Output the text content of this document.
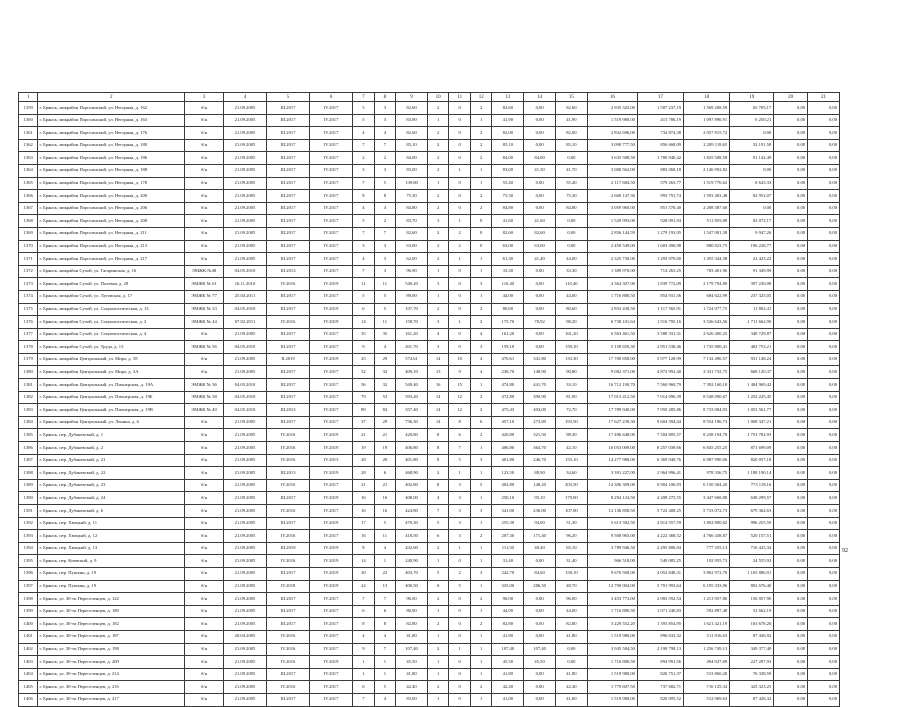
1	2	3	4	5	6	7	8	9	10	11	12	13	14	15	16	17	18	19	20	21
1359	г. Брянск, микрайон Поросинский, ул. Негорная, д. 162	б/н	21.09.2005	III.2017	IV.2017	5	3	82,60	2	0	2	82,60	0,00	82,60	2 935 325,00	1 587 237,19	1 569 208,59	65 705,17	0,00	0,00
1360	г. Брянск, микрайон Поросинский, ул. Негорная, д. 163	б/н	21.09.2005	III.2017	IV.2017	5	3	83,90	1	0	1	41,90	0,00	41,90	1 519 980,00	415 786,19	1 097 896,91	6 250,21	0,00	0,00
1361	г. Брянск, микрайон Поросинский, ул. Негорная, д. 176	б/н	21.09.2005	III.2017	IV.2017	4	4	82,60	2	0	2	82,00	0,00	82,00	2 832 696,00	734 874,38	2 057 815,72	0,00	0,00	0,00
1362	г. Брянск, микрайон Поросинский, ул. Негорная, д. 180	б/н	21.09.2005	III.2017	IV.2017	7	7	85,10	2	0	2	85,10	0,00	85,10	3 098 777,50	856 668,09	2 209 118,65	32 191,58	0,00	0,00
1363	г. Брянск, микрайон Поросинский, ул. Негорная, д. 186	б/н	21.09.2005	III.2017	IV.2017	2	2	84,00	2	0	2	84,00	84,00	0,00	3 635 588,50	1 780 940,42	1 825 508,59	91 142,49	0,00	0,00
1364	г. Брянск, микрайон Поросинский, ул. Негорная, д. 188	б/н	21.09.2005	III.2017	IV.2017	3	3	83,00	2	1	1	83,00	41,30	41,70	3 080 562,00	883 068,18	2 146 992,82	0,00	0,00	0,00
1365	г. Брянск, микрайон Поросинский, ул. Негорная, д. 178	б/н	21.09.2005	III.2017	IV.2017	7	5	139,80	1	0	1	55,40	0,00	55,40	2 117 684,50	579 263,77	1 519 776,62	8 643,33	0,00	0,00
1366	г. Брянск, микрайон Поросинский, ул. Негорная, д. 200	б/н	21.09.2005	III.2017	IV.2017	8	8	75,30	2	0	2	75,30	0,00	75,30	2 668 147,30	993 791,74	1 593 403,48	82 952,07	0,00	0,00
1367	г. Брянск, микрайон Поросинский, ул. Негорная, д. 206	б/н	21.09.2005	III.2017	IV.2017	4	4	84,80	2	0	2	84,80	0,00	84,80	3 059 960,00	851 570,40	2 208 387,60	0,00	0,00	0,00
1368	г. Брянск, микрайон Поросинский, ул. Негорная, д. 208	б/н	21.09.2005	III.2017	IV.2017	5	2	83,70	3	1	0	41,60	41,60	0,00	1 529 993,00	928 091,94	511 855,89	82 072,17	0,00	0,00
1369	г. Брянск, микрайон Поросинский, ул. Негорная, д. 211	б/н	21.09.2005	III.2017	IV.2017	7	7	82,60	2	2	0	82,60	82,60	0,00	2 856 144,59	1 279 193,95	1 547 001,38	9 947,26	0,00	0,00
1370	г. Брянск, микрайон Поросинский, ул. Негорная, д. 213	б/н	21.09.2005	III.2017	IV.2017	3	3	63,00	2	2	0	63,00	63,00	0,00	2 450 549,00	1 603 496,98	880 823,75	196 228,77	0,00	0,00
1371	г. Брянск, микрайон Поросинский, ул. Негорная, д. 217	б/н	21.09.2005	III.2017	IV.2017	4	3	62,00	2	1	1	61,30	41,40	44,00	2 325 730,00	1 293 970,00	1 455 344,38	22 423,22	0,00	0,00
1372	г. Брянск, микрайон Сухой, ул. Гагаринская, д. 16	ЭМЖК №48	04.05.2010	III.2013	IV.2017	7	3	96,90	1	0	1	33,30	0,00	33,30	1 389 970,00	714 263,25	783 401,96	91 349,99	0,00	0,00
1373	г. Брянск, микрайон Сухой, ул. Полевая, д. 28	ЭМЖК № 61	16.11.2010	IV.2016	IV.2019	11	11	540,20	3	0	3	110,40	0,00	110,40	4 364 307,00	1 839 772,09	2 179 794,89	397 230,08	0,00	0,00
1374	г. Брянск, микрайон Сухой, ул. Луговская, д. 17	ЭМЖК № 77	25.04.2011	III.2017	IV.2017	5	5	89,00	1	0	1	44,00	0,00	44,00	1 716 880,50	854 931,36	684 622,99	237 325,05	0,00	0,00
1375	г. Брянск, микрайон Сухой, ул. Социалистическая, д. 13	ЭМЖК № 33	04.05.2010	III.2017	IV.2019	6	5	107,70	2	0	2	80,60	0,00	80,60	2 853 438,50	1 117 565,91	1 724 077,75	11 802,41	0,00	0,00
1376	г. Брянск, микрайон Сухой, ул. Социалистическая, д. 2	ЭМЖК № 44	07.02.2011	IV.2016	IV.2019	14	11	158,70	3	1	2	175,70	70,92	98,20	6 738 101,64	1 516 795,16	3 526 643,56	1 711 662,90	0,00	0,00
1377	г. Брянск, микрайон Сухой, ул. Социалистическая, д. 4	б/н	21.09.2005	III.2017	IV.2017	35	35	161,20	4	0	4	161,20	0,00	161,20	6 563 461,50	3 588 331,31	2 626 400,25	348 729,87	0,00	0,00
1378	г. Брянск, микрайон Сухой, ул. Труда, д. 13	ЭМЖК № 56	04.05.2010	III.2017	IV.2017	9	4	201,70	3	0	3	159,10	0,00	159,10	5 158 659,30	2 851 538,46	1 735 800,41	482 753,21	0,00	0,00
1379	г. Брянск, микрайон Центральный, ул. Мира, д. 58	б/н	21.09.2005	II.2019	IV.2019	25	29	574,61	14	10	4	476,61	341,80	133,30	17 700 858,00	5 977 128,99	7 132 496,57	931 148,24	0,00	0,00
1380	г. Брянск, микрайон Центральный, ул. Мира, д. 3А	б/н	21.09.2005	III.2017	IV.2017	32	32	409,10	13	9	4	236,70	148,90	90,80	9 082 371,00	4 872 992,40	3 331 732,75	668 120,37	0,00	0,00
1381	г. Брянск, микрайон Центральный, ул. Пионерская, д. 19А	ЭМЖК № 36	04.05.2010	III.2017	IV.2017	56	32	549,40	16	15	1	474,80	441,70	33,10	16 712 190,70	7 560 960,79	7 392 160,18	1 404 969,42	0,00	0,00
1382	г. Брянск, микрайон Центральный, ул. Пионерская, д. 19Б	ЭМЖК № 38	04.05.2010	III.2017	IV.2017	79	53	593,20	14	12	2	472,80	390,90	81,90	17 013 412,50	7 014 096,39	8 548 090,67	1 252 225,45	0,00	0,00
1383	г. Брянск, микрайон Центральный, ул. Пионерская, д. 19В	ЭМЖК № 40	04.05.2010	III.2013	IV.2017	89	84	557,40	14	12	2	475,43	403,00	72,70	17 789 940,00	7 950 285,86	8 733 084,93	1 053 561,77	0,00	0,00
1384	г. Брянск, микрайон Центральный, ул. Ленина, д. 6	б/н	21.09.2005	III.2017	IV.2017	37	29	736,30	14	8	6	457,10	273,80	193,50	17 627 239,30	9 604 394,44	8 554 186,73	1 068 347,21	0,00	0,00
1385	г. Брянск, пер. Дубаневский, д. 1	б/н	21.09.2005	IV.2016	IV.2019	21	21	420,80	8	6	2	420,80	321,50	98,30	17 496 648,00	7 504 805,57	8 238 194,78	1 753 782,93	0,00	0,00
1386	г. Брянск, пер. Дубаневский, д. 2	б/н	21.09.2005	IV.2016	IV.2019	19	19	406,80	8	7	1	406,80	364,70	42,10	16 053 009,00	8 257 039,66	6 845 255,25	871 699,09	0,00	0,00
1387	г. Брянск, пер. Дубаневский, д. 21	б/н	21.09.2005	IV.2016	IV.2013	28	28	401,80	8	5	3	401,80	246,70	155,10	14 277 988,00	6 369 940,76	6 987 990,06	820 057,18	0,00	0,00
1388	г. Брянск, пер. Дубаневский, д. 22	б/н	21.09.2005	III.2013	IV.2019	28	6	468,90	2	1	1	123,50	88,90	34,60	3 391 227,00	2 964 996,41	978 336,75	1 188 190,14	0,00	0,00
1389	г. Брянск, пер. Дубаневский, д. 23	б/н	21.09.2005	IV.2016	IV.2017	21	21	402,80	8	3	5	402,80	148,20	203,50	14 306 309,00	6 904 106,93	6 150 304,20	773 118,16	0,00	0,00
1390	г. Брянск, пер. Дубаневский, д. 24	б/н	21.09.2005	III.2017	IV.2019	16	16	408,00	4	3	1	250,10	95,10	179,00	8 294 124,50	4 208 275,55	3 447 668,88	638 299,57	0,00	0,00
1391	г. Брянск, пер. Дубаневский, д. 6	б/н	21.09.2005	IV.2016	IV.2017	16	16	424,80	7	3	3	341,00	236,00	107,00	12 136 858,50	5 722 408,25	5 733 072,73	679 364,63	0,00	0,00
1392	г. Брянск, пер. Хвоцкий, д. 11	б/н	21.09.2005	III.2017	IV.2019	17	5	470,30	5	3	1	255,30	94,00	51,30	5 613 582,50	2 814 557,59	1 802 800,02	996 255,59	0,00	0,00
1393	г. Брянск, пер. Хвоцкий, д. 12	б/н	21.09.2005	IV.2016	IV.2017	16	11	418,50	6	3	2	207,30	171,40	96,20	9 508 965,00	4 222 368,52	4 766 438,87	520 157,51	0,00	0,00
1394	г. Брянск, пер. Хвоцкий, д. 13	б/н	21.09.2005	III.2019	IV.2019	8	4	432,60	2	1	1	111,50	40,40	65,10	3 789 946,50	2 295 806,04	777 355,13	716 425,34	0,00	0,00
1395	г. Брянск, пер. Киевский, д. 9	б/н	21.09.2005	IV.2016	IV.2019	14	1	240,90	1	0	1	31,40	0,00	31,40	966 518,00	549 085,25	192 955,73	24 555,92	0,00	0,00
1396	г. Брянск, пер. Пушкин, д. 19	б/н	21.09.2005	III.2017	IV.2019	30	22	403,70	5	2	3	242,70	84,60	158,10	9 670 500,00	4 052 848,31	3 802 972,78	1 165 886,91	0,00	0,00
1397	г. Брянск, пер. Пушкин, д. 19	б/н	21.09.2005	IV.2018	IV.2019	22	13	400,50	6	5	1	335,00	286,50	48,70	12 790 004,00	5 791 993,64	6 195 333,96	802 676,40	0,00	0,00
1398	г. Брянск, ул. 30-ти Переселенцев, д. 122	б/н	21.09.2005	III.2017	IV.2017	7	7	96,00	2	0	2	96,00	0,00	96,00	3 453 773,00	2 083 592,54	1 213 957,86	156 057,90	0,00	0,00
1399	г. Брянск, ул. 30-ти Переселенцев, д. 180	б/н	21.09.2005	III.2017	IV.2017	6	6	86,90	1	0	1	44,00	0,00	44,00	1 716 880,50	1 071 240,83	592 897,48	52 662,19	0,00	0,00
1400	г. Брянск, ул. 30-ти Переселенцев, д. 182	б/н	21.09.2005	III.2017	IV.2017	8	8	82,80	2	0	2	82,80	0,00	82,80	3 229 552,20	1 393 854,95	1 621 421,19	163 678,26	0,00	0,00
1401	г. Брянск, ул. 30-ти Переселенцев, д. 187	б/н	20.04.2005	IV.2016	IV.2017	4	4	41,80	1	0	1	41,80	0,00	41,80	1 519 980,00	896 633,32	511 916,63	87 436,92	0,00	0,00
1402	г. Брянск, ул. 30-ти Переселенцев, д. 198	б/н	21.09.2005	IV.2016	IV.2017	9	7	107,40	2	1	1	107,40	107,40	0,00	3 945 584,50	2 190 798,13	1 256 749,13	349 377,40	0,00	0,00
1403	г. Брянск, ул. 30-ти Переселенцев, д. 200	б/н	21.09.2005	IV.2016	IV.2019	1	1	45,50	1	0	1	45,50	45,50	0,00	1 716 880,50	894 991,56	494 027,09	227 297,93	0,00	0,00
1404	г. Брянск, ул. 30-ти Переселенцев, д. 214	б/н	21.09.2005	III.2017	IV.2017	1	1	41,80	1	0	1	41,80	0,00	41,80	1 519 980,00	826 751,37	513 860,20	76 338,59	0,00	0,00
1405	г. Брянск, ул. 30-ти Переселенцев, д. 216	б/н	21.09.2005	IV.2016	IV.2017	6	5	42,40	2	0	2	42,40	0,00	42,40	1 779 607,50	737 682,71	716 125,34	325 323,25	0,00	0,00
1406	г. Брянск, ул. 30-ти Переселенцев, д. 217	б/н	21.09.2005	III.2017	IV.2017	7	4	83,00	1	0	1	41,00	0,00	41,00	1 519 980,00	820 095,52	512 969,63	87 426,32	0,00	0,00
92
